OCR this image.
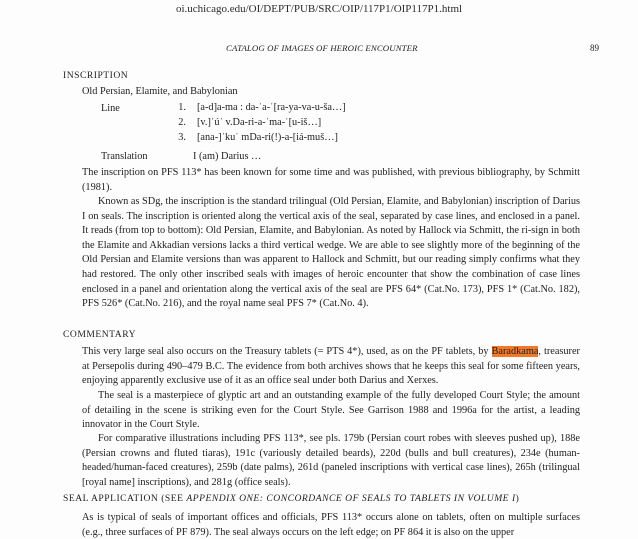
oi.uchicago.edu/OI/DEPT/PUB/SRC/OIP/117P1/OIP117P1.html
CATALOG OF IMAGES OF HEROIC ENCOUNTER	89
INSCRIPTION
Old Persian, Elamite, and Babylonian
Line	1. [a-d]a-ma : da-ˈa-ˈ[ra-ya-va-u-ša…]
2. [v.]ˈúˈ v.Da-ri-a-ˈma-ˈ[u-iš…]
3. [ana-]ˈkuˈ mDa-ri(!)-a-[iá-muš…]
Translation	I (am) Darius …
The inscription on PFS 113* has been known for some time and was published, with previous bibliography, by Schmitt (1981).
Known as SDg, the inscription is the standard trilingual (Old Persian, Elamite, and Babylonian) inscription of Darius I on seals. The inscription is oriented along the vertical axis of the seal, separated by case lines, and enclosed in a panel. It reads (from top to bottom): Old Persian, Elamite, and Babylonian. As noted by Hallock via Schmitt, the ri-sign in both the Elamite and Akkadian versions lacks a third vertical wedge. We are able to see slightly more of the beginning of the Old Persian and Elamite versions than was apparent to Hallock and Schmitt, but our reading simply confirms what they had restored. The only other inscribed seals with images of heroic encounter that show the combination of case lines enclosed in a panel and orientation along the vertical axis of the seal are PFS 64* (Cat.No. 173), PFS 1* (Cat.No. 182), PFS 526* (Cat.No. 216), and the royal name seal PFS 7* (Cat.No. 4).
COMMENTARY
This very large seal also occurs on the Treasury tablets (= PTS 4*), used, as on the PF tablets, by Baradkama, treasurer at Persepolis during 490–479 B.C. The evidence from both archives shows that he keeps this seal for some fifteen years, enjoying apparently exclusive use of it as an office seal under both Darius and Xerxes.
The seal is a masterpiece of glyptic art and an outstanding example of the fully developed Court Style; the amount of detailing in the scene is striking even for the Court Style. See Garrison 1988 and 1996a for the artist, a leading innovator in the Court Style.
For comparative illustrations including PFS 113*, see pls. 179b (Persian court robes with sleeves pushed up), 188e (Persian crowns and fluted tiaras), 191c (variously detailed beards), 220d (bulls and bull creatures), 234e (human-headed/human-faced creatures), 259b (date palms), 261d (paneled inscriptions with vertical case lines), 265h (trilingual [royal name] inscriptions), and 281g (office seals).
SEAL APPLICATION (SEE APPENDIX ONE: CONCORDANCE OF SEALS TO TABLETS IN VOLUME I)
As is typical of seals of important offices and officials, PFS 113* occurs alone on tablets, often on multiple surfaces (e.g., three surfaces of PF 879). The seal always occurs on the left edge; on PF 864 it is also on the upper
